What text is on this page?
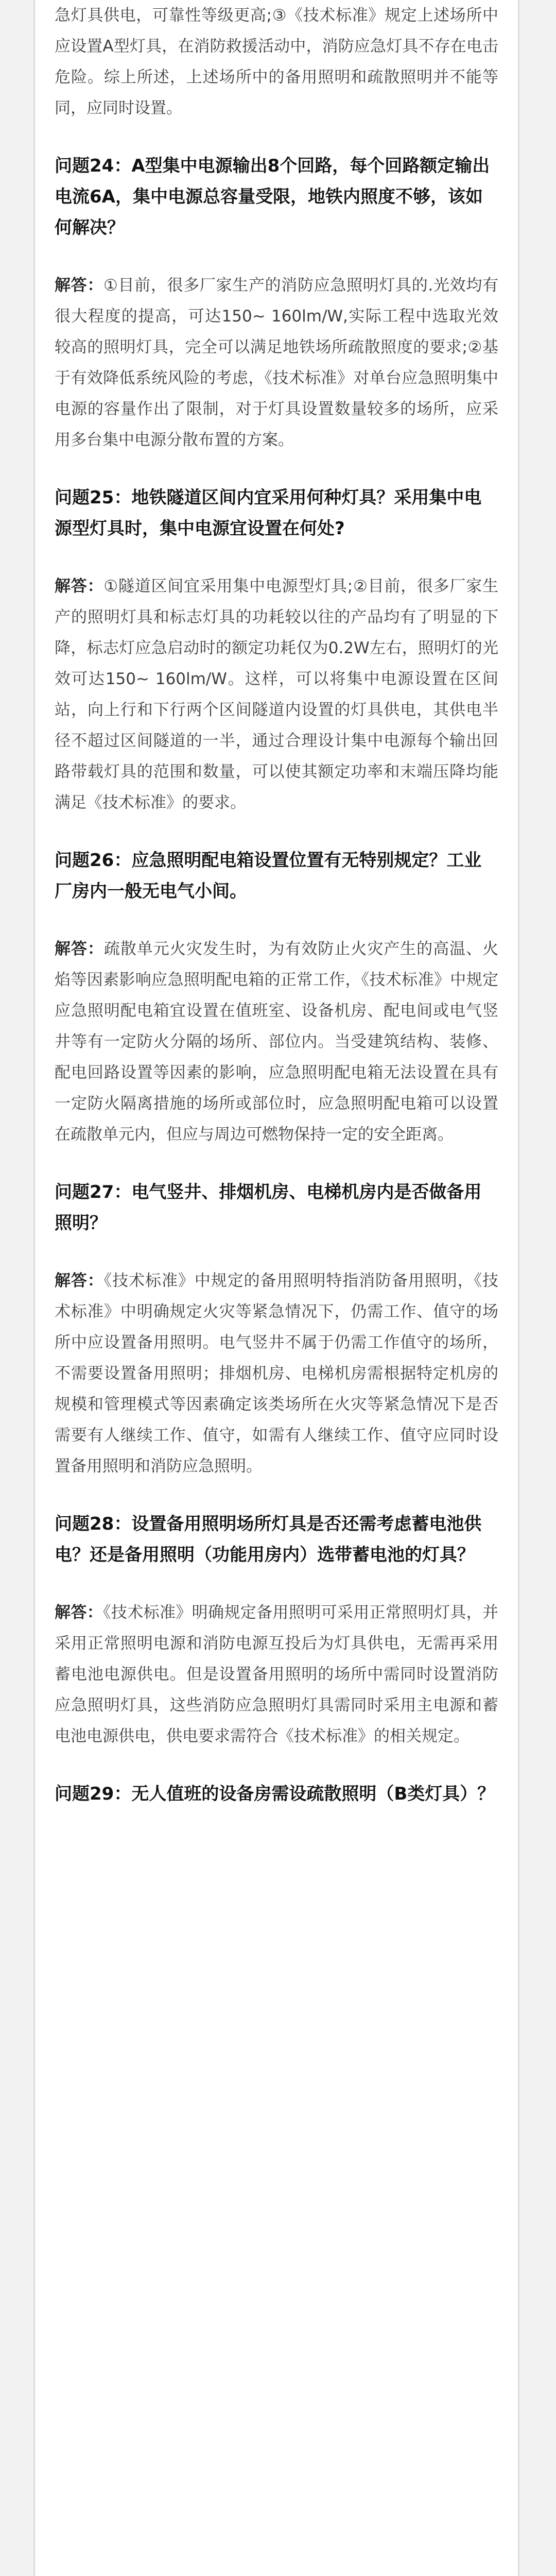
急灯具供电，可靠性等级更高;③《技术标准》规定上述场所中应设置A型灯具，在消防救援活动中，消防应急灯具不存在电击危险。综上所述，上述场所中的备用照明和疏散照明并不能等同，应同时设置。

问题24：A型集中电源输出8个回路，每个回路额定输出电流6A，集中电源总容量受限，地铁内照度不够，该如何解决？

解答：①目前，很多厂家生产的消防应急照明灯具的.光效均有很大程度的提高，可达150~ 160lm/W,实际工程中选取光效较高的照明灯具，完全可以满足地铁场所疏散照度的要求;②基于有效降低系统风险的考虑，《技术标准》对单台应急照明集中电源的容量作出了限制，对于灯具设置数量较多的场所，应采用多台集中电源分散布置的方案。

问题25：地铁隧道区间内宜采用何种灯具？采用集中电源型灯具时，集中电源宜设置在何处?

解答：①隧道区间宜采用集中电源型灯具;②目前，很多厂家生产的照明灯具和标志灯具的功耗较以往的产品均有了明显的下降，标志灯应急启动时的额定功耗仅为0.2W左右，照明灯的光效可达150~ 160lm/W。这样，可以将集中电源设置在区间站，向上行和下行两个区间隧道内设置的灯具供电，其供电半径不超过区间隧道的一半，通过合理设计集中电源每个输出回路带载灯具的范围和数量，可以使其额定功率和末端压降均能满足《技术标准》的要求。

问题26：应急照明配电箱设置位置有无特别规定？工业厂房内一般无电气小间。

解答：疏散单元火灾发生时，为有效防止火灾产生的高温、火焰等因素影响应急照明配电箱的正常工作，《技术标准》中规定应急照明配电箱宜设置在值班室、设备机房、配电间或电气竖井等有一定防火分隔的场所、部位内。当受建筑结构、装修、配电回路设置等因素的影响，应急照明配电箱无法设置在具有一定防火隔离措施的场所或部位时，应急照明配电箱可以设置在疏散单元内，但应与周边可燃物保持一定的安全距离。

问题27：电气竖井、排烟机房、电梯机房内是否做备用照明？

解答：《技术标准》中规定的备用照明特指消防备用照明，《技术标准》中明确规定火灾等紧急情况下，仍需工作、值守的场所中应设置备用照明。电气竖井不属于仍需工作值守的场所，不需要设置备用照明；排烟机房、电梯机房需根据特定机房的规模和管理模式等因素确定该类场所在火灾等紧急情况下是否需要有人继续工作、值守，如需有人继续工作、值守应同时设置备用照明和消防应急照明。

问题28：设置备用照明场所灯具是否还需考虑蓄电池供电？还是备用照明（功能用房内）选带蓄电池的灯具？

解答：《技术标准》明确规定备用照明可采用正常照明灯具，并采用正常照明电源和消防电源互投后为灯具供电，无需再采用蓄电池电源供电。但是设置备用照明的场所中需同时设置消防应急照明灯具，这些消防应急照明灯具需同时采用主电源和蓄电池电源供电，供电要求需符合《技术标准》的相关规定。

问题29：无人值班的设备房需设疏散照明（B类灯具）？
